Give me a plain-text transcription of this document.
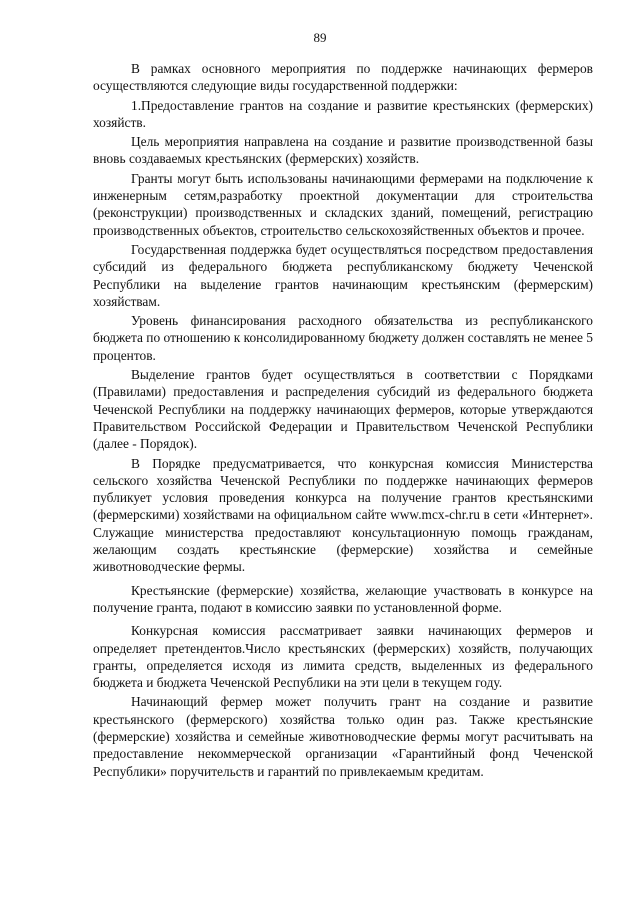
89

В рамках основного мероприятия по поддержке начинающих фермеров осуществляются следующие виды государственной поддержки:

1.Предоставление грантов на создание и развитие крестьянских (фермерских) хозяйств.

Цель мероприятия направлена на создание и развитие производственной базы вновь создаваемых крестьянских (фермерских) хозяйств.

Гранты могут быть использованы начинающими фермерами на подключение к инженерным сетям,разработку проектной документации для строительства (реконструкции) производственных и складских зданий, помещений, регистрацию производственных объектов, строительство сельскохозяйственных объектов и прочее.

Государственная поддержка будет осуществляться посредством предоставления субсидий из федерального бюджета республиканскому бюджету Чеченской Республики на выделение грантов начинающим крестьянским (фермерским) хозяйствам.

Уровень финансирования расходного обязательства из республиканского бюджета по отношению к консолидированному бюджету должен составлять не менее 5 процентов.

Выделение грантов будет осуществляться в соответствии с Порядками (Правилами) предоставления и распределения субсидий из федерального бюджета Чеченской Республики на поддержку начинающих фермеров, которые утверждаются Правительством Российской Федерации и Правительством Чеченской Республики (далее - Порядок).

В Порядке предусматривается, что конкурсная комиссия Министерства сельского хозяйства Чеченской Республики по поддержке начинающих фермеров публикует условия проведения конкурса на получение грантов крестьянскими (фермерскими) хозяйствами на официальном сайте www.mcx-chr.ru в сети «Интернет». Служащие министерства предоставляют консультационную помощь гражданам, желающим создать крестьянские (фермерские) хозяйства и семейные животноводческие фермы.

Крестьянские (фермерские) хозяйства, желающие участвовать в конкурсе на получение гранта, подают в комиссию заявки по установленной форме.

Конкурсная комиссия рассматривает заявки начинающих фермеров и определяет претендентов.Число крестьянских (фермерских) хозяйств, получающих гранты, определяется исходя из лимита средств, выделенных из федерального бюджета и бюджета Чеченской Республики на эти цели в текущем году.

Начинающий фермер может получить грант на создание и развитие крестьянского (фермерского) хозяйства только один раз. Также крестьянские (фермерские) хозяйства и семейные животноводческие фермы могут расчитывать на предоставление некоммерческой организации «Гарантийный фонд Чеченской Республики» поручительств и гарантий по привлекаемым кредитам.
